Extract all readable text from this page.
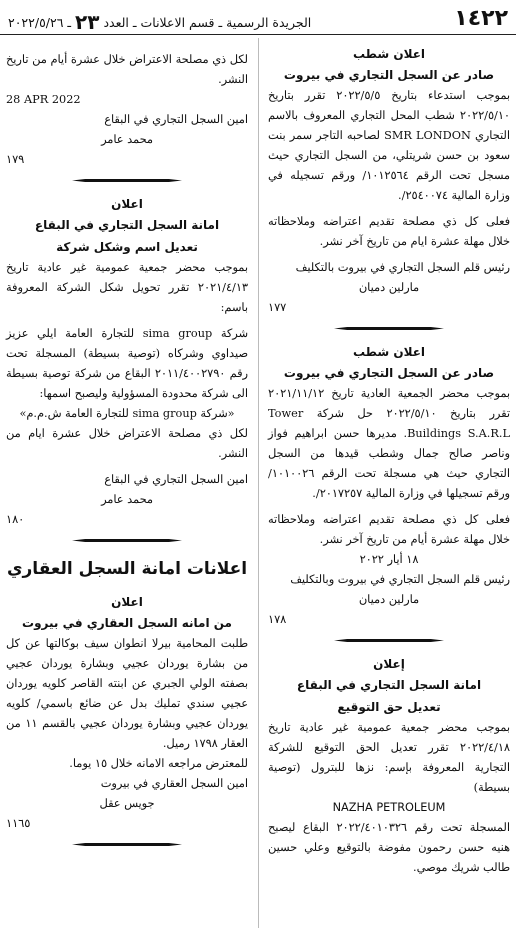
١٤٢٢
الجريدة الرسمية ـ قسم الاعلانات ـ العدد ٢٣ ـ ٢٠٢٢/٥/٢٦
اعلان شطب
صادر عن السجل التجاري في بيروت

بموجب استدعاء بتاريخ ٢٠٢٢/٥/٥ تقرر بتاريخ ٢٠٢٢/٥/١٠ شطب المحل التجاري المعروف بالاسم التجاري SMR LONDON لصاحبه التاجر سمر بنت سعود بن حسن شريتلي، من السجل التجاري حيث مسجل تحت الرقم ١٠١٢٥٦٤/ ورقم تسجيله في وزارة المالية ٢٥٤٠٠٧٤/.

فعلى كل ذي مصلحة تقديم اعتراضه وملاحظاته خلال مهلة عشرة ايام من تاريخ آخر نشر.

رئيس قلم السجل التجاري في بيروت بالتكليف

مارلين دميان

١٧٧
اعلان شطب
صادر عن السجل التجاري في بيروت

بموجب محضر الجمعية العادية تاريخ ٢٠٢١/١١/١٢ تقرر بتاريخ ٢٠٢٢/٥/١٠ حل شركة Tower Buildings S.A.R.L. مديرها حسن ابراهيم فواز وناصر صالح جمال وشطب قيدها من السجل التجاري حيث هي مسجلة تحت الرقم ١٠١٠٠٢٦/ ورقم تسجيلها في وزارة المالية ٢٠١٧٢٥٧/.

فعلى كل ذي مصلحة تقديم اعتراضه وملاحظاته خلال مهلة عشرة أيام من تاريخ آخر نشر.

١٨ أيار ٢٠٢٢

رئيس قلم السجل التجاري في بيروت وبالتكليف

مارلين دميان

١٧٨
إعلان
امانة السجل التجاري في البقاع
تعديل حق التوقيع

بموجب محضر جمعية عمومية غير عادية تاريخ ٢٠٢٢/٤/١٨ تقرر تعديل الحق التوقيع للشركة التجارية المعروفة بإسم: نزها للبترول (توصية بسيطة)

NAZHA PETROLEUM

المسجلة تحت رقم ٢٠٢٢/٤٠١٠٣٢٦ البقاع ليصبح هنيه حسن رحمون مفوضة بالتوقيع وعلي حسين طالب شريك موصي.

لكل ذي مصلحة الاعتراض خلال عشرة أيام من تاريخ النشر.

28 APR 2022

امين السجل التجاري في البقاع

محمد عامر

١٧٩
اعلان
امانة السجل التجاري في البقاع
تعديل اسم وشكل شركة

بموجب محضر جمعية عمومية غير عادية تاريخ ٢٠٢١/٤/١٣ تقرر تحويل شكل الشركة المعروفة باسم:

شركة sima group للتجارة العامة ايلي عزيز صيداوي وشركاه (توصية بسيطة) المسجلة تحت رقم ٢٠١١/٤٠٠٢٧٩٠ البقاع من شركة توصية بسيطة الى شركة محدودة المسؤولية وليصبح اسمها:

«شركة sima group للتجارة العامة ش.م.م»

لكل ذي مصلحة الاعتراض خلال عشرة ايام من النشر.

امين السجل التجاري في البقاع

محمد عامر

١٨٠
اعلانات امانة السجل العقاري
اعلان
من امانه السجل العقاري في بيروت

طلبت المحامية بيرلا انطوان سيف بوكالتها عن كل من بشارة يوردان عجيي وبشارة يوردان عجيي بصفته الولي الجبري عن ابنته القاصر كلويه يوردان عجيي سندي تمليك بدل عن ضائع باسمي/ كلويه يوردان عجيي وبشارة يوردان عجيي بالقسم ١١ من العقار ١٧٩٨ رميل.

للمعترض مراجعه الامانه خلال ١٥ يوما.

امين السجل العقاري في بيروت

جويس عقل

١١٦٥
